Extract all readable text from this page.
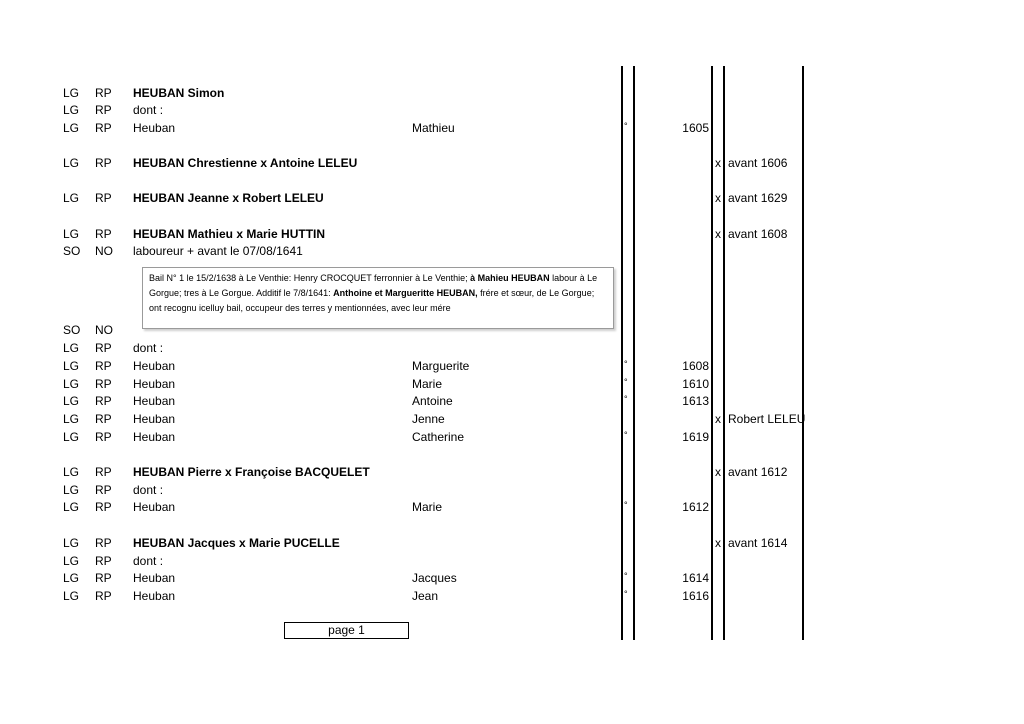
LG RP HEUBAN Simon
LG RP dont :
LG RP Heuban	Mathieu	°	1605
LG RP HEUBAN Chrestienne x Antoine LELEU	x avant 1606
LG RP HEUBAN Jeanne x Robert LELEU	x avant 1629
LG RP HEUBAN Mathieu x Marie HUTTIN	x avant 1608
SO NO laboureur + avant le 07/08/1641
SO NO
LG RP dont :
LG RP Heuban	Marguerite	°	1608
LG RP Heuban	Marie	°	1610
LG RP Heuban	Antoine	°	1613
LG RP Heuban	Jenne	x Robert LELEU
LG RP Heuban	Catherine	°	1619
LG RP HEUBAN Pierre x Françoise BACQUELET	x avant 1612
LG RP dont :
LG RP Heuban	Marie	°	1612
LG RP HEUBAN Jacques x Marie PUCELLE	x avant 1614
LG RP dont :
LG RP Heuban	Jacques	°	1614
LG RP Heuban	Jean	°	1616
Bail N° 1 le 15/2/1638 à Le Venthie: Henry CROCQUET ferronnier à Le Venthie; à Mahieu HEUBAN labour à Le Gorgue; tres à Le Gorgue. Additif le 7/8/1641: Anthoine et Margueritte HEUBAN, frére et sœur, de Le Gorgue; ont recognu icelluy bail, occupeur des terres y mentionnées, avec leur mére
page 1
